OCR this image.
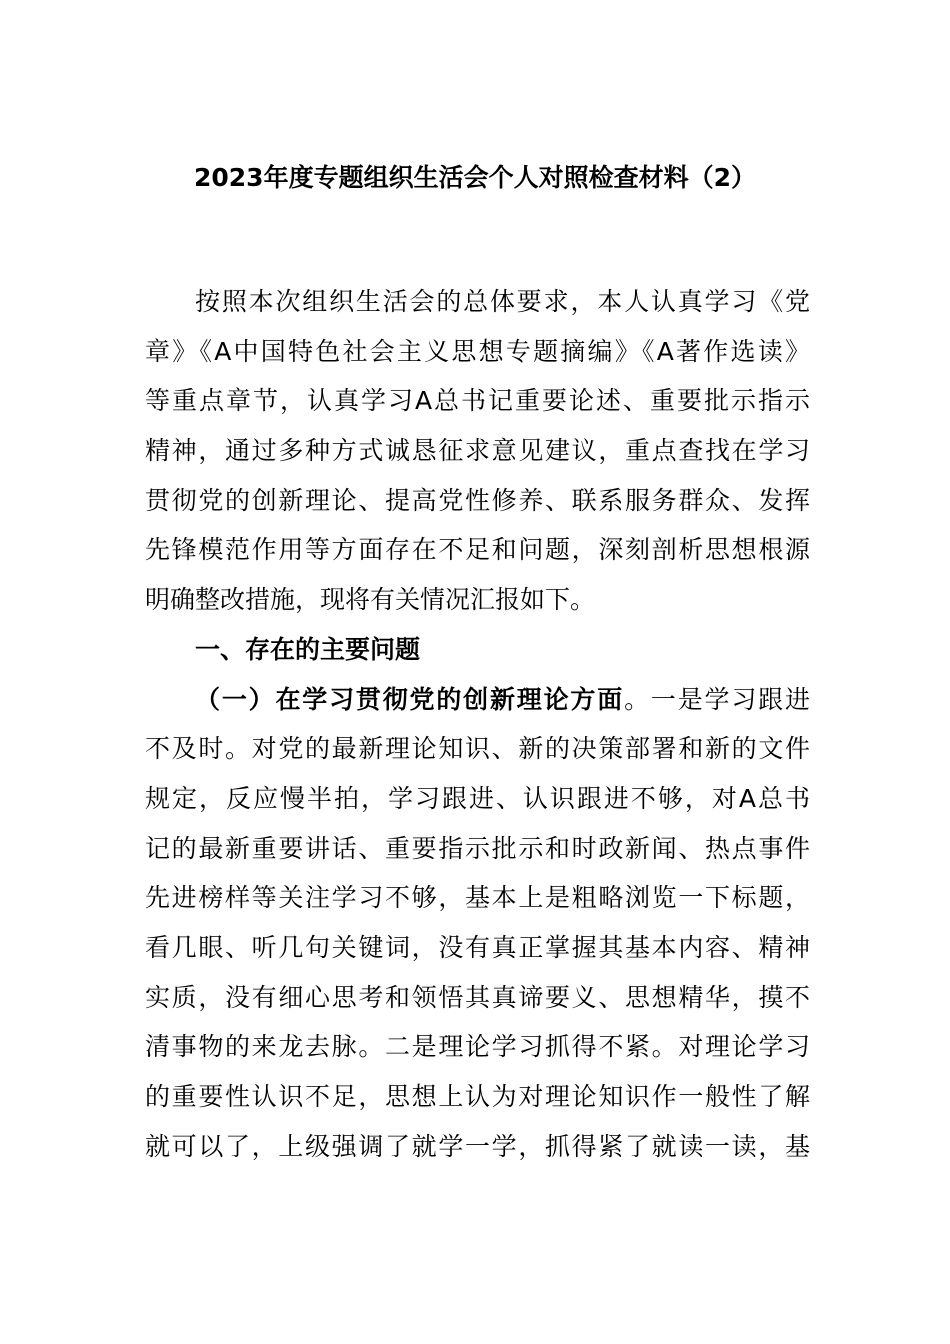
2023年度专题组织生活会个人对照检查材料（2）
按照本次组织生活会的总体要求，本人认真学习《党
章》《A中国特色社会主义思想专题摘编》《A著作选读》
等重点章节，认真学习A总书记重要论述、重要批示指示
精神，通过多种方式诚恳征求意见建议，重点查找在学习
贯彻党的创新理论、提高党性修养、联系服务群众、发挥
先锋模范作用等方面存在不足和问题，深刻剖析思想根源
明确整改措施，现将有关情况汇报如下。
一、存在的主要问题
（一）在学习贯彻党的创新理论方面。一是学习跟进
不及时。对党的最新理论知识、新的决策部署和新的文件
规定，反应慢半拍，学习跟进、认识跟进不够，对A总书
记的最新重要讲话、重要指示批示和时政新闻、热点事件
先进榜样等关注学习不够，基本上是粗略浏览一下标题，
看几眼、听几句关键词，没有真正掌握其基本内容、精神
实质，没有细心思考和领悟其真谛要义、思想精华，摸不
清事物的来龙去脉。二是理论学习抓得不紧。对理论学习
的重要性认识不足，思想上认为对理论知识作一般性了解
就可以了，上级强调了就学一学，抓得紧了就读一读，基
